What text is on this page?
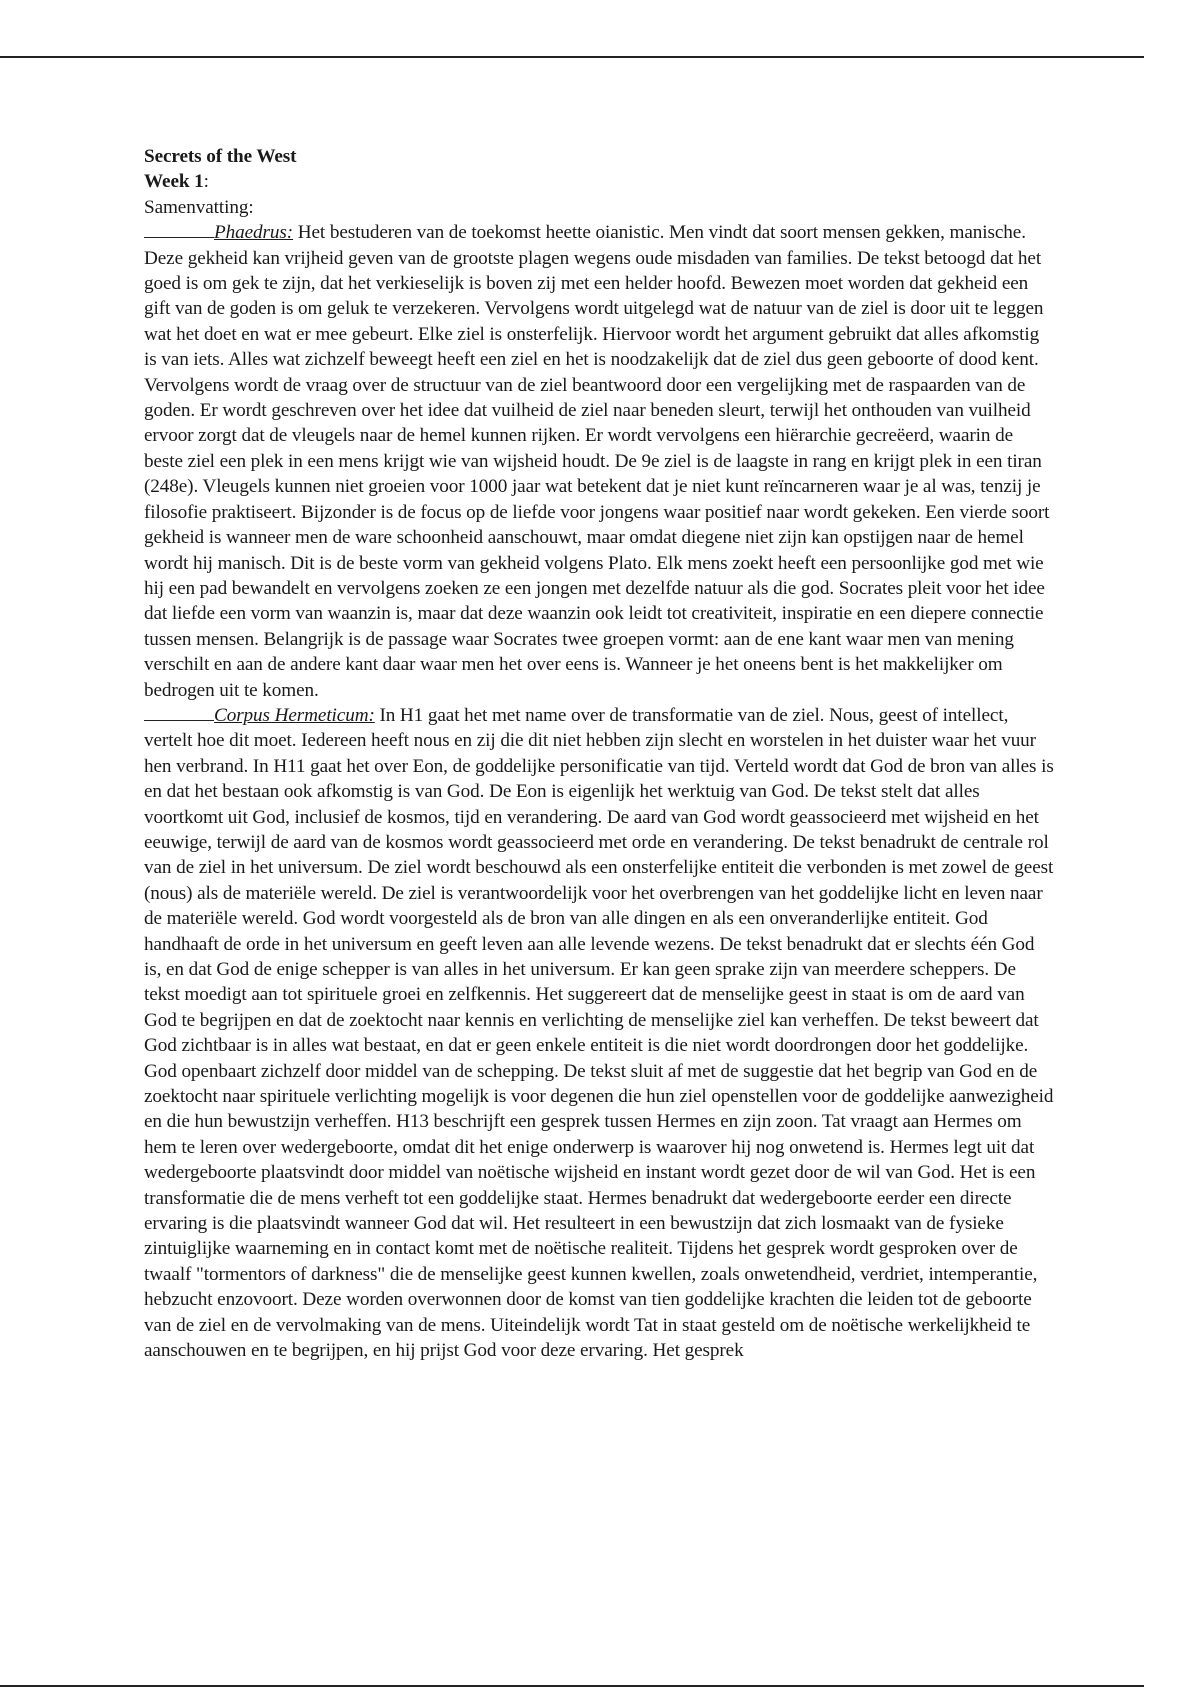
Secrets of the West
Week 1:
Samenvatting:

Phaedrus: Het bestuderen van de toekomst heette oianistic. Men vindt dat soort mensen gekken, manische. Deze gekheid kan vrijheid geven van de grootste plagen wegens oude misdaden van families. De tekst betoogd dat het goed is om gek te zijn, dat het verkieselijk is boven zij met een helder hoofd. Bewezen moet worden dat gekheid een gift van de goden is om geluk te verzekeren. Vervolgens wordt uitgelegd wat de natuur van de ziel is door uit te leggen wat het doet en wat er mee gebeurt. Elke ziel is onsterfelijk. Hiervoor wordt het argument gebruikt dat alles afkomstig is van iets. Alles wat zichzelf beweegt heeft een ziel en het is noodzakelijk dat de ziel dus geen geboorte of dood kent. Vervolgens wordt de vraag over de structuur van de ziel beantwoord door een vergelijking met de raspaarden van de goden. Er wordt geschreven over het idee dat vuilheid de ziel naar beneden sleurt, terwijl het onthouden van vuilheid ervoor zorgt dat de vleugels naar de hemel kunnen rijken. Er wordt vervolgens een hiërarchie gecreëerd, waarin de beste ziel een plek in een mens krijgt wie van wijsheid houdt. De 9e ziel is de laagste in rang en krijgt plek in een tiran (248e). Vleugels kunnen niet groeien voor 1000 jaar wat betekent dat je niet kunt reïncarneren waar je al was, tenzij je filosofie praktiseert. Bijzonder is de focus op de liefde voor jongens waar positief naar wordt gekeken. Een vierde soort gekheid is wanneer men de ware schoonheid aanschouwt, maar omdat diegene niet zijn kan opstijgen naar de hemel wordt hij manisch. Dit is de beste vorm van gekheid volgens Plato. Elk mens zoekt heeft een persoonlijke god met wie hij een pad bewandelt en vervolgens zoeken ze een jongen met dezelfde natuur als die god. Socrates pleit voor het idee dat liefde een vorm van waanzin is, maar dat deze waanzin ook leidt tot creativiteit, inspiratie en een diepere connectie tussen mensen. Belangrijk is de passage waar Socrates twee groepen vormt: aan de ene kant waar men van mening verschilt en aan de andere kant daar waar men het over eens is. Wanneer je het oneens bent is het makkelijker om bedrogen uit te komen.

Corpus Hermeticum: In H1 gaat het met name over de transformatie van de ziel. Nous, geest of intellect, vertelt hoe dit moet. Iedereen heeft nous en zij die dit niet hebben zijn slecht en worstelen in het duister waar het vuur hen verbrand. In H11 gaat het over Eon, de goddelijke personificatie van tijd. Verteld wordt dat God de bron van alles is en dat het bestaan ook afkomstig is van God. De Eon is eigenlijk het werktuig van God. De tekst stelt dat alles voortkomt uit God, inclusief de kosmos, tijd en verandering. De aard van God wordt geassocieerd met wijsheid en het eeuwige, terwijl de aard van de kosmos wordt geassocieerd met orde en verandering. De tekst benadrukt de centrale rol van de ziel in het universum. De ziel wordt beschouwd als een onsterfelijke entiteit die verbonden is met zowel de geest (nous) als de materiële wereld. De ziel is verantwoordelijk voor het overbrengen van het goddelijke licht en leven naar de materiële wereld. God wordt voorgesteld als de bron van alle dingen en als een onveranderlijke entiteit. God handhaaft de orde in het universum en geeft leven aan alle levende wezens. De tekst benadrukt dat er slechts één God is, en dat God de enige schepper is van alles in het universum. Er kan geen sprake zijn van meerdere scheppers. De tekst moedigt aan tot spirituele groei en zelfkennis. Het suggereert dat de menselijke geest in staat is om de aard van God te begrijpen en dat de zoektocht naar kennis en verlichting de menselijke ziel kan verheffen. De tekst beweert dat God zichtbaar is in alles wat bestaat, en dat er geen enkele entiteit is die niet wordt doordrongen door het goddelijke. God openbaart zichzelf door middel van de schepping. De tekst sluit af met de suggestie dat het begrip van God en de zoektocht naar spirituele verlichting mogelijk is voor degenen die hun ziel openstellen voor de goddelijke aanwezigheid en die hun bewustzijn verheffen. H13 beschrijft een gesprek tussen Hermes en zijn zoon. Tat vraagt aan Hermes om hem te leren over wedergeboorte, omdat dit het enige onderwerp is waarover hij nog onwetend is. Hermes legt uit dat wedergeboorte plaatsvindt door middel van noëtische wijsheid en instant wordt gezet door de wil van God. Het is een transformatie die de mens verheft tot een goddelijke staat. Hermes benadrukt dat wedergeboorte eerder een directe ervaring is die plaatsvindt wanneer God dat wil. Het resulteert in een bewustzijn dat zich losmaakt van de fysieke zintuiglijke waarneming en in contact komt met de noëtische realiteit. Tijdens het gesprek wordt gesproken over de twaalf "tormentors of darkness" die de menselijke geest kunnen kwellen, zoals onwetendheid, verdriet, intemperantie, hebzucht enzovoort. Deze worden overwonnen door de komst van tien goddelijke krachten die leiden tot de geboorte van de ziel en de vervolmaking van de mens. Uiteindelijk wordt Tat in staat gesteld om de noëtische werkelijkheid te aanschouwen en te begrijpen, en hij prijst God voor deze ervaring. Het gesprek
